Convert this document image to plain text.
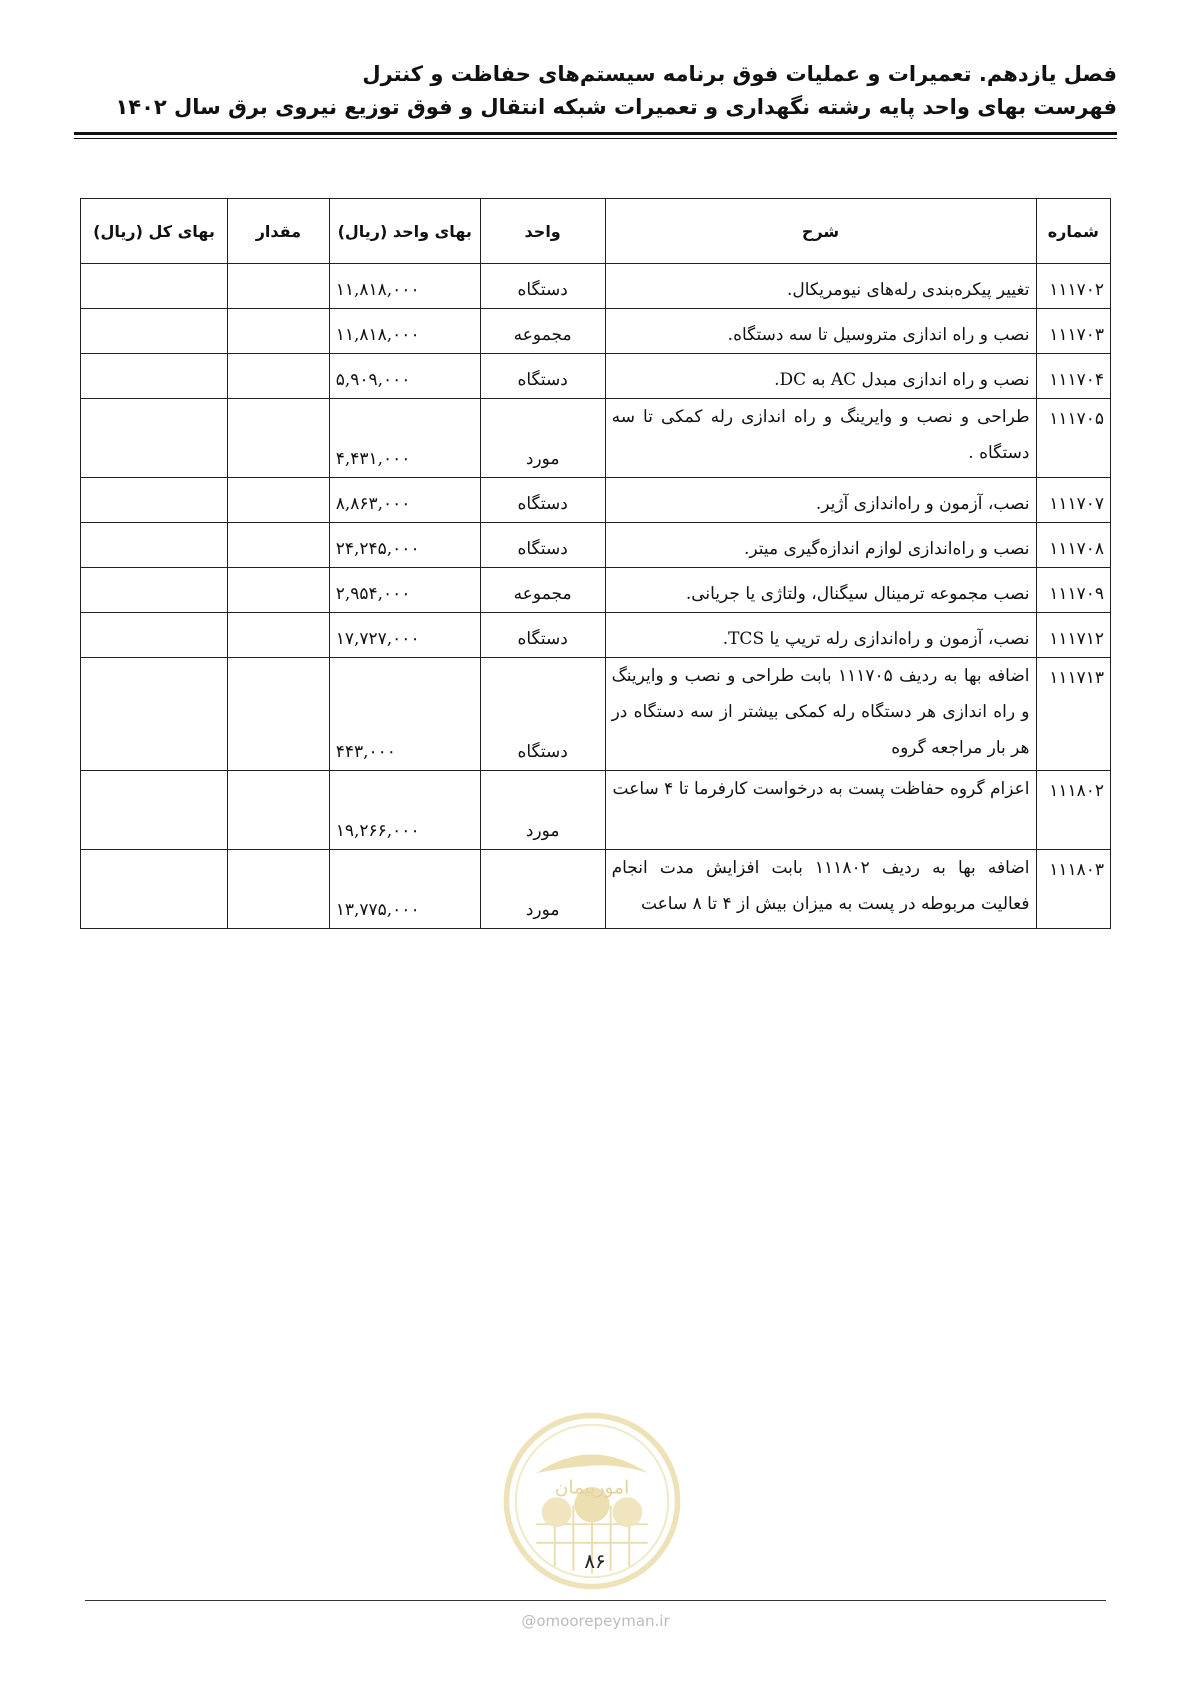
فصل یازدهم. تعمیرات و عملیات فوق برنامه سیستم‌های حفاظت و کنترل
فهرست بهای واحد پایه رشته نگهداری و تعمیرات شبکه انتقال و فوق توزیع نیروی برق سال ۱۴۰۲
شماره	شرح	واحد	بهای واحد (ریال)	مقدار	بهای کل (ریال)
۱۱۱۷۰۲	تغییر پیکره‌بندی رله‌های نیومریکال.	دستگاه	۱۱,۸۱۸,۰۰۰		
۱۱۱۷۰۳	نصب و راه اندازی متروسیل تا سه دستگاه.	مجموعه	۱۱,۸۱۸,۰۰۰		
۱۱۱۷۰۴	نصب و راه اندازی مبدل AC به DC.	دستگاه	۵,۹۰۹,۰۰۰		
۱۱۱۷۰۵	طراحی و نصب و وایرینگ و راه اندازی رله کمکی تا سه دستگاه .	مورد	۴,۴۳۱,۰۰۰		
۱۱۱۷۰۷	نصب، آزمون و راه‌اندازی آژیر.	دستگاه	۸,۸۶۳,۰۰۰		
۱۱۱۷۰۸	نصب و راه‌اندازی لوازم اندازه‌گیری میتر.	دستگاه	۲۴,۲۴۵,۰۰۰		
۱۱۱۷۰۹	نصب مجموعه ترمینال سیگنال، ولتاژی یا جریانی.	مجموعه	۲,۹۵۴,۰۰۰		
۱۱۱۷۱۲	نصب، آزمون و راه‌اندازی رله تریپ یا TCS.	دستگاه	۱۷,۷۲۷,۰۰۰		
۱۱۱۷۱۳	اضافه بها به ردیف ۱۱۱۷۰۵ بابت طراحی و نصب و وایرینگ و راه اندازی هر دستگاه رله کمکی بیشتر از سه دستگاه در هر بار مراجعه گروه	دستگاه	۴۴۳,۰۰۰		
۱۱۱۸۰۲	اعزام گروه حفاظت پست به درخواست کارفرما تا ۴ ساعت	مورد	۱۹,۲۶۶,۰۰۰		
۱۱۱۸۰۳	اضافه بها به ردیف ۱۱۱۸۰۲ بابت افزایش مدت انجام فعالیت مربوطه در پست به میزان بیش از ۴ تا ۸ ساعت	مورد	۱۳,۷۷۵,۰۰۰		
امورپیمان
۸۶
@omoorepeyman.ir
